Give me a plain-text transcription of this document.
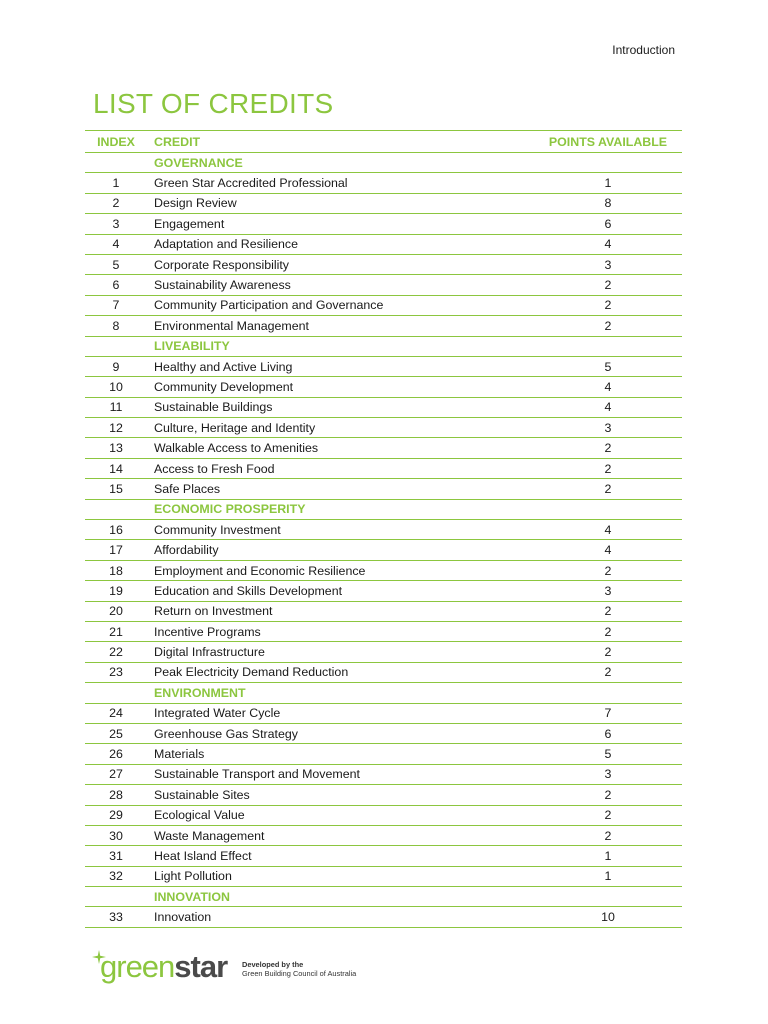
Introduction
LIST OF CREDITS
INDEX	CREDIT	POINTS AVAILABLE
	GOVERNANCE	
1	Green Star Accredited Professional	1
2	Design Review	8
3	Engagement	6
4	Adaptation and Resilience	4
5	Corporate Responsibility	3
6	Sustainability Awareness	2
7	Community Participation and Governance	2
8	Environmental Management	2
	LIVEABILITY	
9	Healthy and Active Living	5
10	Community Development	4
11	Sustainable Buildings	4
12	Culture, Heritage and Identity	3
13	Walkable Access to Amenities	2
14	Access to Fresh Food	2
15	Safe Places	2
	ECONOMIC PROSPERITY	
16	Community Investment	4
17	Affordability	4
18	Employment and Economic Resilience	2
19	Education and Skills Development	3
20	Return on Investment	2
21	Incentive Programs	2
22	Digital Infrastructure	2
23	Peak Electricity Demand Reduction	2
	ENVIRONMENT	
24	Integrated Water Cycle	7
25	Greenhouse Gas Strategy	6
26	Materials	5
27	Sustainable Transport and Movement	3
28	Sustainable Sites	2
29	Ecological Value	2
30	Waste Management	2
31	Heat Island Effect	1
32	Light Pollution	1
	INNOVATION	
33	Innovation	10
greenstar Developed by the
Green Building Council of Australia
